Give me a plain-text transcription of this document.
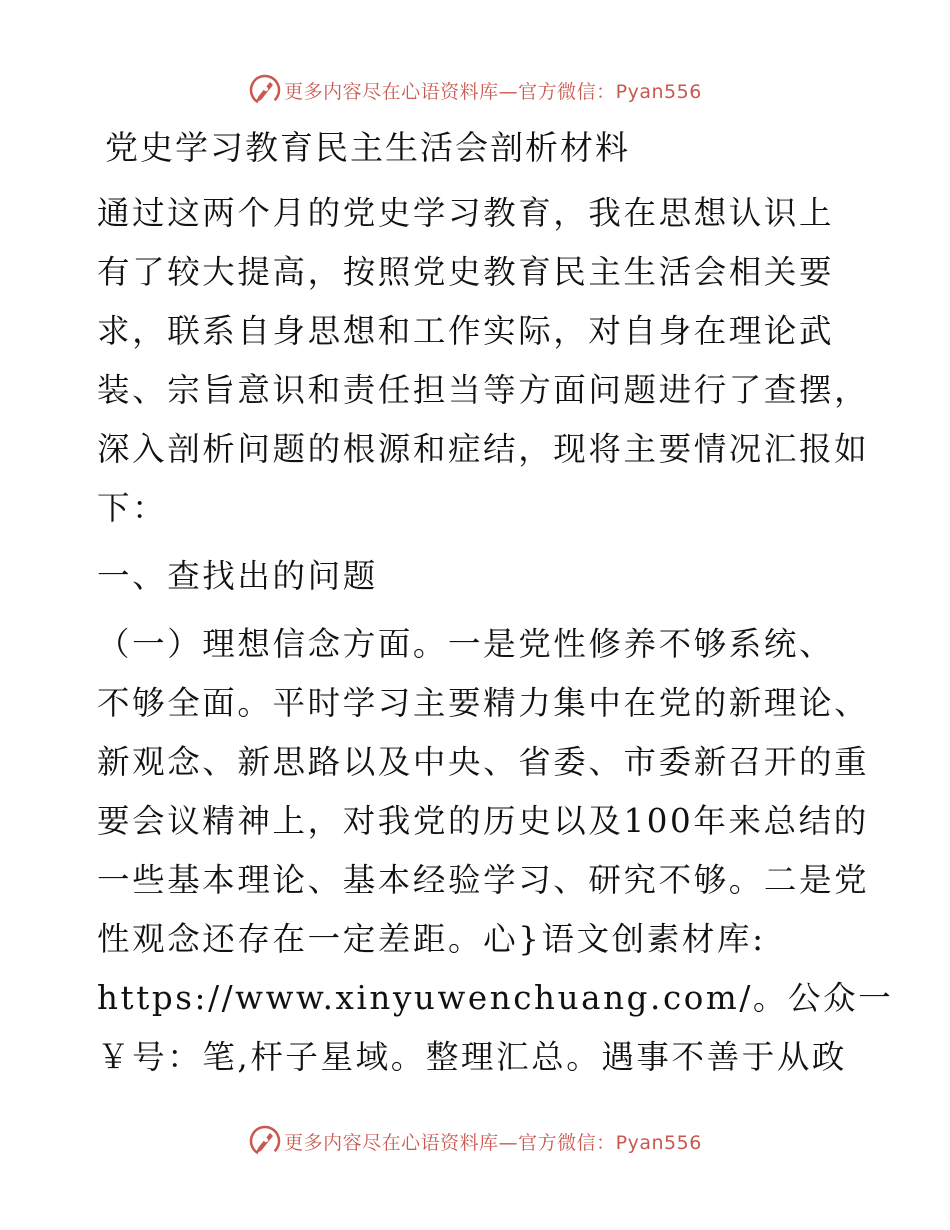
更多内容尽在心语资料库—官方微信：Pyan556
党史学习教育民主生活会剖析材料
通过这两个月的党史学习教育，我在思想认识上
有了较大提高，按照党史教育民主生活会相关要
求，联系自身思想和工作实际，对自身在理论武
装、宗旨意识和责任担当等方面问题进行了查摆，
深入剖析问题的根源和症结，现将主要情况汇报如
下：
一、查找出的问题
（一）理想信念方面。一是党性修养不够系统、
不够全面。平时学习主要精力集中在党的新理论、
新观念、新思路以及中央、省委、市委新召开的重
要会议精神上，对我党的历史以及100年来总结的
一些基本理论、基本经验学习、研究不够。二是党
性观念还存在一定差距。心}语文创素材库:
https://www.xinyuwenchuang.com/。公众一
￥号：笔,杆子星域。整理汇总。遇事不善于从政
更多内容尽在心语资料库—官方微信：Pyan556
